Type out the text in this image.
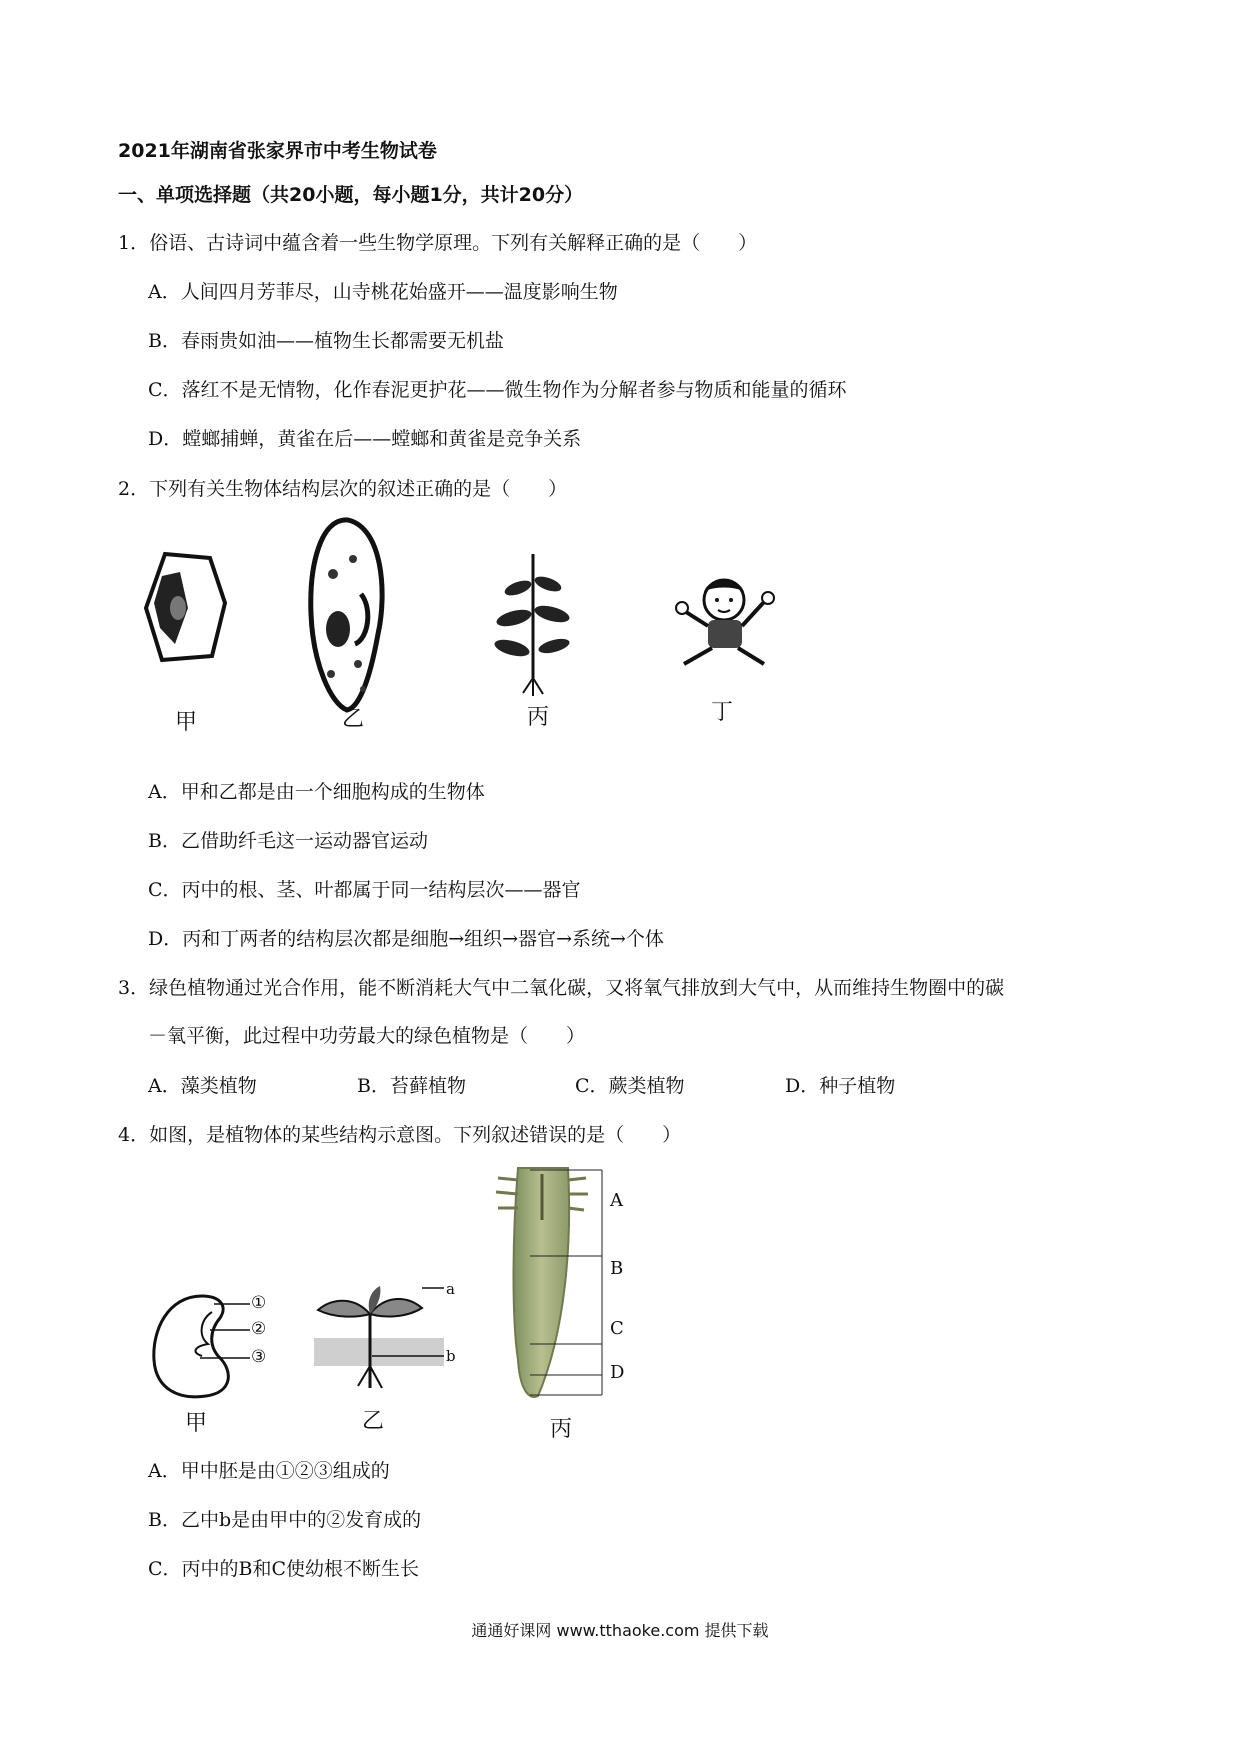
2021年湖南省张家界市中考生物试卷
一、单项选择题（共20小题，每小题1分，共计20分）
1．俗语、古诗词中蕴含着一些生物学原理。下列有关解释正确的是（　　）
A．人间四月芳菲尽，山寺桃花始盛开——温度影响生物
B．春雨贵如油——植物生长都需要无机盐
C．落红不是无情物，化作春泥更护花——微生物作为分解者参与物质和能量的循环
D．螳螂捕蝉，黄雀在后——螳螂和黄雀是竞争关系
2．下列有关生物体结构层次的叙述正确的是（　　）
甲	乙	丙	丁
A．甲和乙都是由一个细胞构成的生物体
B．乙借助纤毛这一运动器官运动
C．丙中的根、茎、叶都属于同一结构层次——器官
D．丙和丁两者的结构层次都是细胞→组织→器官→系统→个体
3．绿色植物通过光合作用，能不断消耗大气中二氧化碳，又将氧气排放到大气中，从而维持生物圈中的碳
－氧平衡，此过程中功劳最大的绿色植物是（　　）
A．藻类植物	B．苔藓植物	C．蕨类植物	D．种子植物
4．如图，是植物体的某些结构示意图。下列叙述错误的是（　　）
①
②
③
甲
a
b
乙
A
B
C
D
丙
A．甲中胚是由①②③组成的
B．乙中b是由甲中的②发育成的
C．丙中的B和C使幼根不断生长
通通好课网 www.tthaoke.com 提供下载
